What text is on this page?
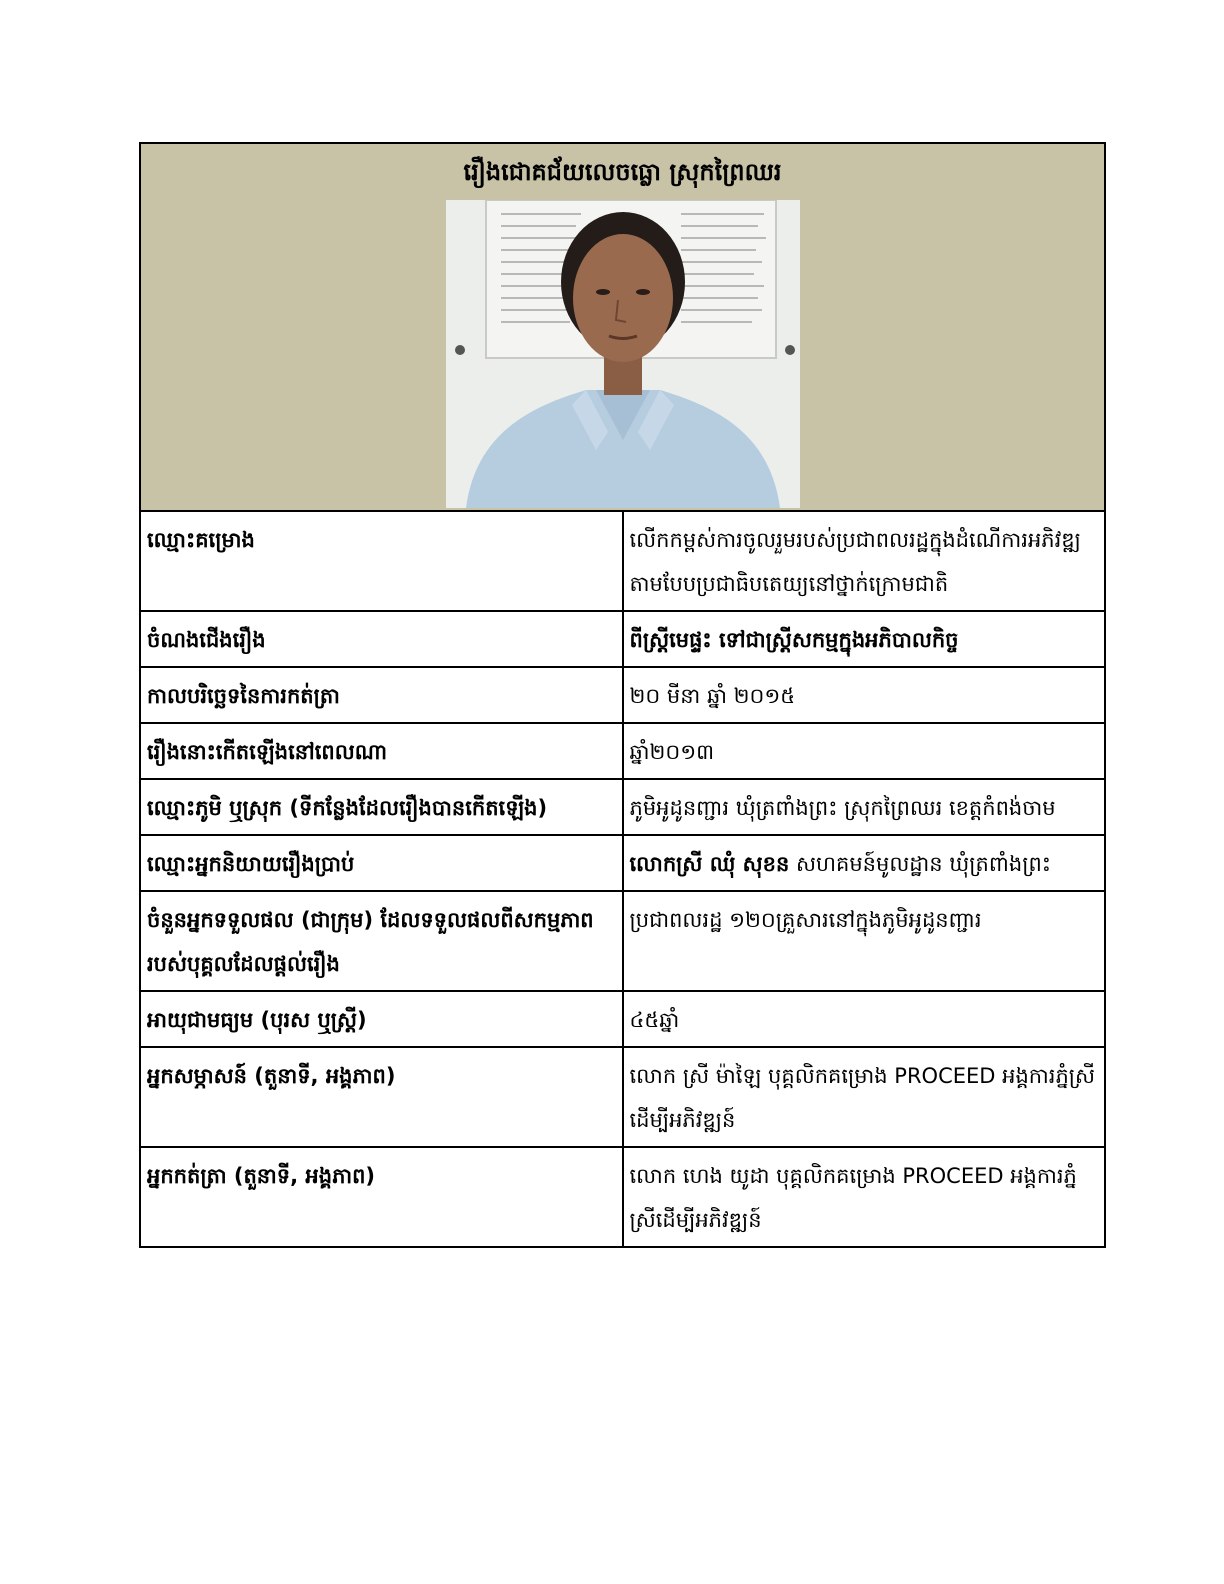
រឿងជោគជ័យលេចធ្លោ ស្រុកព្រៃឈរ	

ឈ្មោះគម្រោង	លើកកម្ពស់ការចូលរួមរបស់ប្រជាពលរដ្ឋក្នុងដំណើការអភិវឌ្ឍ តាមបែបប្រជាធិបតេយ្យនៅថ្នាក់ក្រោមជាតិ
ចំណងជើងរឿង	ពីស្ត្រីមេផ្ទះ ទៅជាស្ត្រីសកម្មក្នុងអភិបាលកិច្ច
កាលបរិច្ឆេទនៃការកត់ត្រា	២០ មីនា ឆ្នាំ ២០១៥
រឿងនោះកើតឡើងនៅពេលណា	ឆ្នាំ២០១៣
ឈ្មោះភូមិ ឬស្រុក (ទីកន្លែងដែលរឿងបានកើតឡើង)	ភូមិអូដូនញ្ជារ ឃុំត្រពាំងព្រះ ស្រុកព្រៃឈរ ខេត្តកំពង់ចាម
ឈ្មោះអ្នកនិយាយរឿងប្រាប់	លោកស្រី ឈុំ សុខន សហគមន៍មូលដ្ឋាន ឃុំត្រពាំងព្រះ
ចំនួនអ្នកទទួលផល (ជាក្រុម) ដែលទទួលផលពីសកម្មភាពរបស់បុគ្គលដែលផ្តល់រឿង	ប្រជាពលរដ្ឋ ១២០គ្រួសារនៅក្នុងភូមិអូដូនញ្ជារ
អាយុជាមធ្យម (បុរស ឬស្ត្រី)	៤៥ឆ្នាំ
អ្នកសម្ភាសន៍ (តួនាទី, អង្គភាព)	លោក ស្រី ម៉ាឡៃ បុគ្គលិកគម្រោង PROCEED អង្គការភ្នំស្រីដើម្បីអភិវឌ្ឍន៍
អ្នកកត់ត្រា (តួនាទី, អង្គភាព)	លោក ហេង យូដា បុគ្គលិកគម្រោង PROCEED អង្គការភ្នំស្រីដើម្បីអភិវឌ្ឍន៍
